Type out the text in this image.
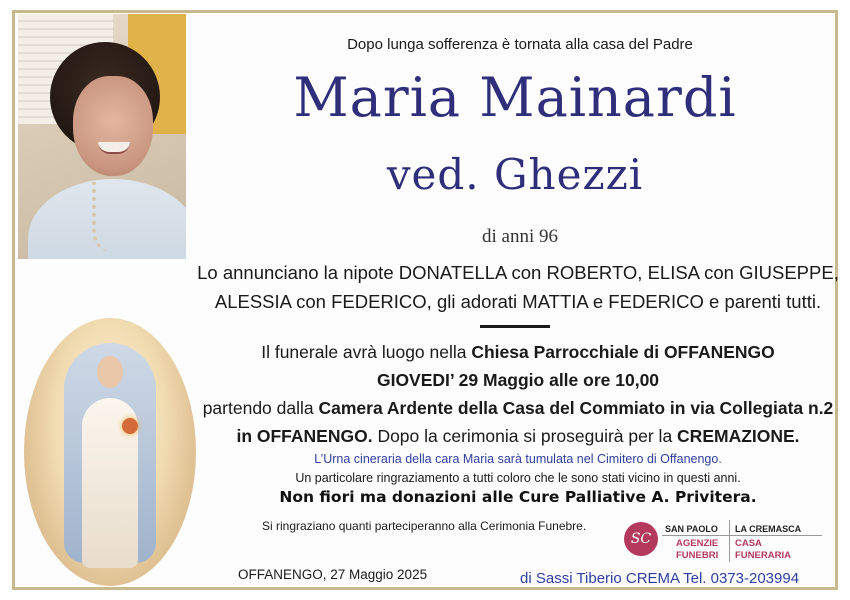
Dopo lunga sofferenza è tornata alla casa del Padre
Maria Mainardi
ved. Ghezzi
di anni 96
Lo annunciano la nipote DONATELLA con ROBERTO, ELISA con GIUSEPPE,
ALESSIA con FEDERICO, gli adorati MATTIA e FEDERICO e parenti tutti.
Il funerale avrà luogo nella Chiesa Parrocchiale di OFFANENGO
GIOVEDI’ 29 Maggio alle ore 10,00
partendo dalla Camera Ardente della Casa del Commiato in via Collegiata n.2
in OFFANENGO. Dopo la cerimonia si proseguirà per la CREMAZIONE.
L’Urna cineraria della cara Maria sarà tumulata nel Cimitero di Offanengo.
Un particolare ringraziamento a tutti coloro che le sono stati vicino in questi anni.
Non fiori ma donazioni alle Cure Palliative A. Privitera.
Si ringraziano quanti parteciperanno alla Cerimonia Funebre.
OFFANENGO, 27 Maggio 2025
SC
SAN PAOLO
AGENZIE
FUNEBRI
LA CREMASCA
CASA
FUNERARIA
di Sassi Tiberio CREMA Tel. 0373-203994
